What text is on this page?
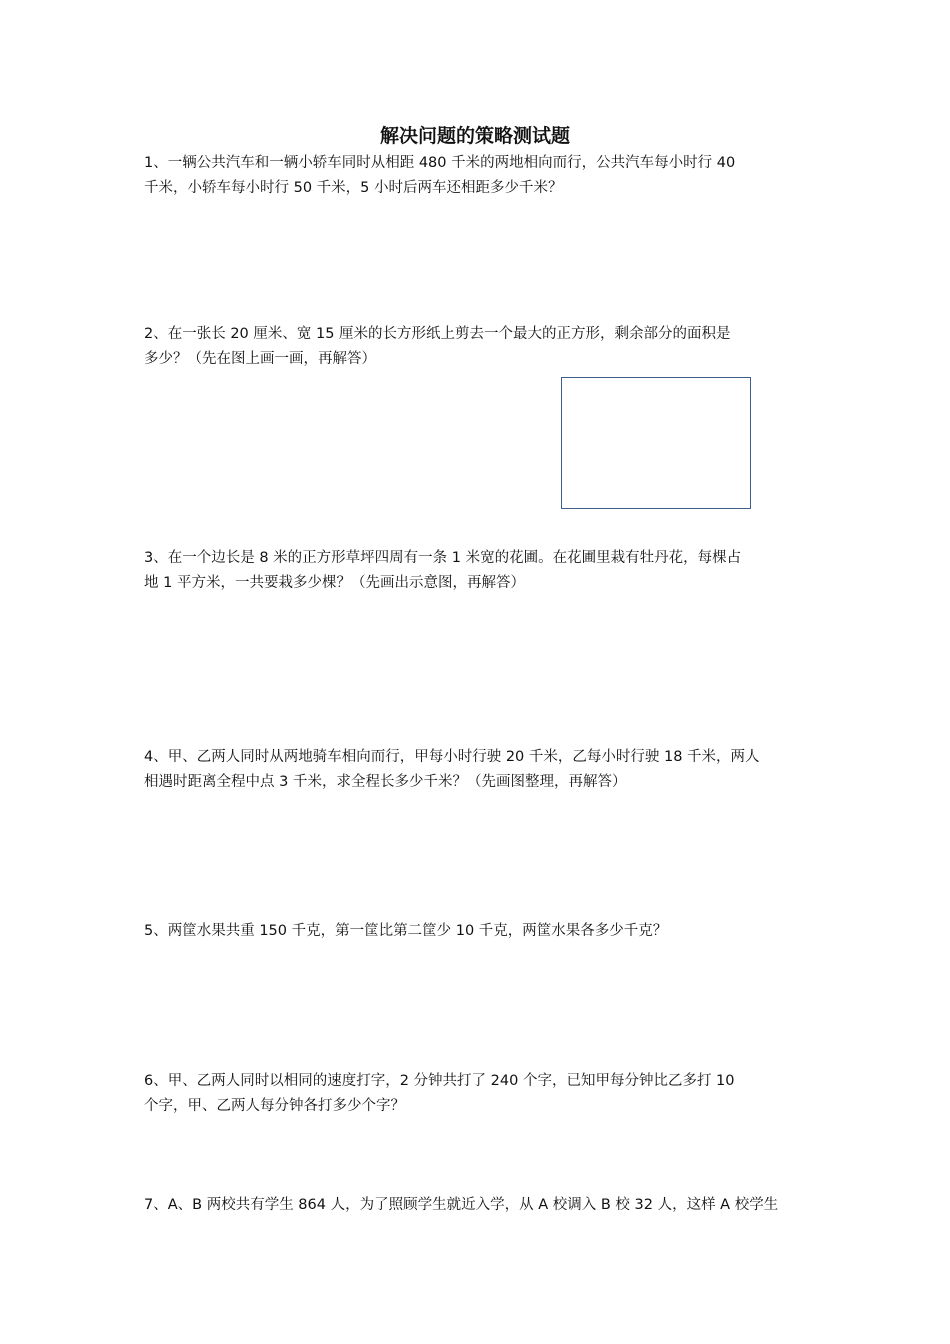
解决问题的策略测试题
1、一辆公共汽车和一辆小轿车同时从相距 480 千米的两地相向而行，公共汽车每小时行 40
千米，小轿车每小时行 50 千米，5 小时后两车还相距多少千米？
2、在一张长 20 厘米、宽 15 厘米的长方形纸上剪去一个最大的正方形，剩余部分的面积是
多少？（先在图上画一画，再解答）
3、在一个边长是 8 米的正方形草坪四周有一条 1 米宽的花圃。在花圃里栽有牡丹花，每棵占
地 1 平方米，一共要栽多少棵？（先画出示意图，再解答）
4、甲、乙两人同时从两地骑车相向而行，甲每小时行驶 20 千米，乙每小时行驶 18 千米，两人
相遇时距离全程中点 3 千米，求全程长多少千米？（先画图整理，再解答）
5、两筐水果共重 150 千克，第一筐比第二筐少 10 千克，两筐水果各多少千克？
6、甲、乙两人同时以相同的速度打字，2 分钟共打了 240 个字，已知甲每分钟比乙多打 10
个字，甲、乙两人每分钟各打多少个字？
7、A、B 两校共有学生 864 人，为了照顾学生就近入学，从 A 校调入 B 校 32 人，这样 A 校学生
